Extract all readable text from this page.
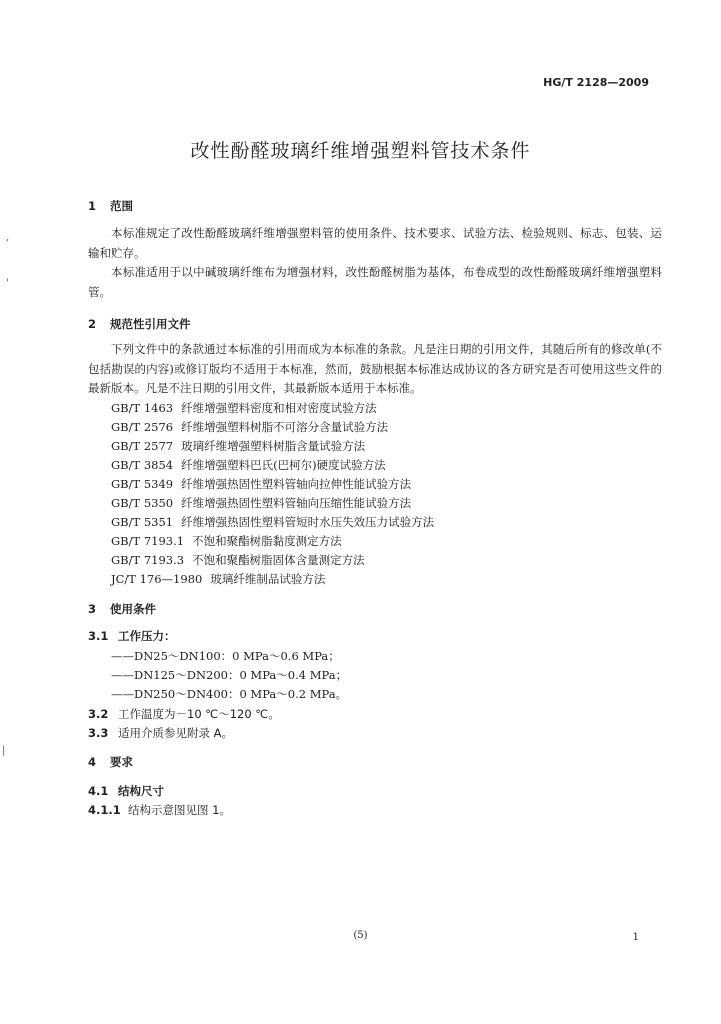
HG/T 2128—2009
改性酚醛玻璃纤维增强塑料管技术条件
1 范围
本标准规定了改性酚醛玻璃纤维增强塑料管的使用条件、技术要求、试验方法、检验规则、标志、包装、运输和贮存。
本标准适用于以中碱玻璃纤维布为增强材料，改性酚醛树脂为基体，布卷成型的改性酚醛玻璃纤维增强塑料管。
2 规范性引用文件
下列文件中的条款通过本标准的引用而成为本标准的条款。凡是注日期的引用文件，其随后所有的修改单(不包括勘误的内容)或修订版均不适用于本标准，然而，鼓励根据本标准达成协议的各方研究是否可使用这些文件的最新版本。凡是不注日期的引用文件，其最新版本适用于本标准。
GB/T 1463 纤维增强塑料密度和相对密度试验方法
GB/T 2576 纤维增强塑料树脂不可溶分含量试验方法
GB/T 2577 玻璃纤维增强塑料树脂含量试验方法
GB/T 3854 纤维增强塑料巴氏(巴柯尔)硬度试验方法
GB/T 5349 纤维增强热固性塑料管轴向拉伸性能试验方法
GB/T 5350 纤维增强热固性塑料管轴向压缩性能试验方法
GB/T 5351 纤维增强热固性塑料管短时水压失效压力试验方法
GB/T 7193.1 不饱和聚酯树脂黏度测定方法
GB/T 7193.3 不饱和聚酯树脂固体含量测定方法
JC/T 176—1980 玻璃纤维制品试验方法
3 使用条件
3.1 工作压力：
——DN25～DN100：0 MPa～0.6 MPa；
——DN125～DN200：0 MPa～0.4 MPa；
——DN250～DN400：0 MPa～0.2 MPa。
3.2 工作温度为－10 ℃～120 ℃。
3.3 适用介质参见附录 A。
4 要求
4.1 结构尺寸
4.1.1 结构示意图见图 1。
(5)	1
,
'
|
